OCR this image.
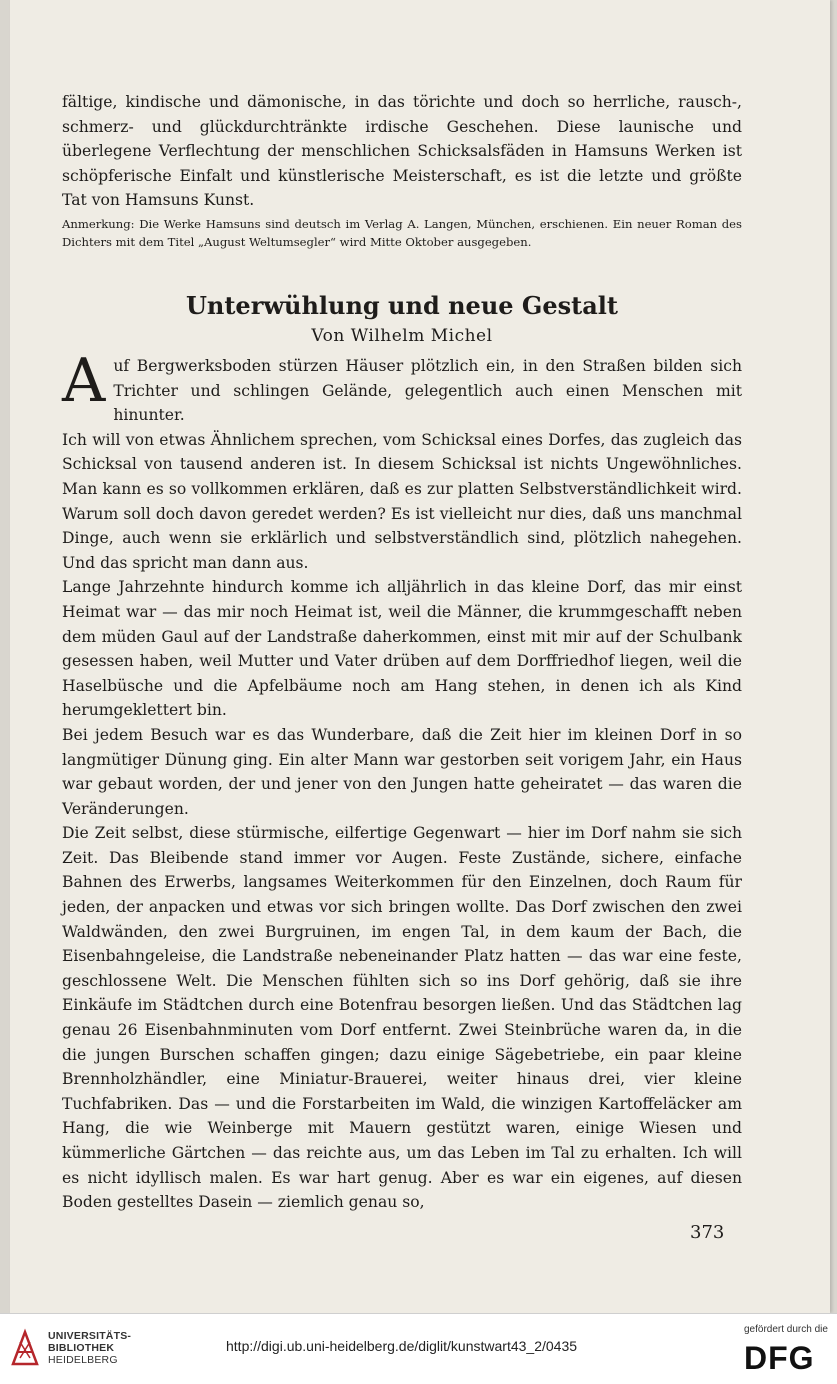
fältige, kindische und dämonische, in das törichte und doch so herrliche, rausch-, schmerz- und glückdurchtränkte irdische Geschehen. Diese launische und überlegene Verflechtung der menschlichen Schicksalsfäden in Hamsuns Werken ist schöpferische Einfalt und künstlerische Meisterschaft, es ist die letzte und größte Tat von Hamsuns Kunst.

Anmerkung: Die Werke Hamsuns sind deutsch im Verlag A. Langen, München, erschienen. Ein neuer Roman des Dichters mit dem Titel „August Weltumsegler“ wird Mitte Oktober ausgegeben.

Unterwühlung und neue Gestalt
Von Wilhelm Michel
A uf Bergwerksboden stürzen Häuser plötzlich ein, in den Straßen bilden sich Trichter und schlingen Gelände, gelegentlich auch einen Menschen mit hinunter.

Ich will von etwas Ähnlichem sprechen, vom Schicksal eines Dorfes, das zugleich das Schicksal von tausend anderen ist. In diesem Schicksal ist nichts Ungewöhnliches. Man kann es so vollkommen erklären, daß es zur platten Selbstverständlichkeit wird. Warum soll doch davon geredet werden? Es ist vielleicht nur dies, daß uns manchmal Dinge, auch wenn sie erklärlich und selbstverständlich sind, plötzlich nahegehen. Und das spricht man dann aus.

Lange Jahrzehnte hindurch komme ich alljährlich in das kleine Dorf, das mir einst Heimat war — das mir noch Heimat ist, weil die Männer, die krummgeschafft neben dem müden Gaul auf der Landstraße daherkommen, einst mit mir auf der Schulbank gesessen haben, weil Mutter und Vater drüben auf dem Dorffriedhof liegen, weil die Haselbüsche und die Apfelbäume noch am Hang stehen, in denen ich als Kind herumgeklettert bin.

Bei jedem Besuch war es das Wunderbare, daß die Zeit hier im kleinen Dorf in so langmütiger Dünung ging. Ein alter Mann war gestorben seit vorigem Jahr, ein Haus war gebaut worden, der und jener von den Jungen hatte geheiratet — das waren die Veränderungen.

Die Zeit selbst, diese stürmische, eilfertige Gegenwart — hier im Dorf nahm sie sich Zeit. Das Bleibende stand immer vor Augen. Feste Zustände, sichere, einfache Bahnen des Erwerbs, langsames Weiterkommen für den Einzelnen, doch Raum für jeden, der anpacken und etwas vor sich bringen wollte. Das Dorf zwischen den zwei Waldwänden, den zwei Burgruinen, im engen Tal, in dem kaum der Bach, die Eisenbahngeleise, die Landstraße nebeneinander Platz hatten — das war eine feste, geschlossene Welt. Die Menschen fühlten sich so ins Dorf gehörig, daß sie ihre Einkäufe im Städtchen durch eine Botenfrau besorgen ließen. Und das Städtchen lag genau 26 Eisenbahnminuten vom Dorf entfernt. Zwei Steinbrüche waren da, in die die jungen Burschen schaffen gingen; dazu einige Sägebetriebe, ein paar kleine Brennholzhändler, eine Miniatur-Brauerei, weiter hinaus drei, vier kleine Tuchfabriken. Das — und die Forstarbeiten im Wald, die winzigen Kartoffeläcker am Hang, die wie Weinberge mit Mauern gestützt waren, einige Wiesen und kümmerliche Gärtchen — das reichte aus, um das Leben im Tal zu erhalten. Ich will es nicht idyllisch malen. Es war hart genug. Aber es war ein eigenes, auf diesen Boden gestelltes Dasein — ziemlich genau so,

373
UNIVERSITÄTS-
BIBLIOTHEK
HEIDELBERG
http://digi.ub.uni-heidelberg.de/diglit/kunstwart43_2/0435
gefördert durch die
DFG
